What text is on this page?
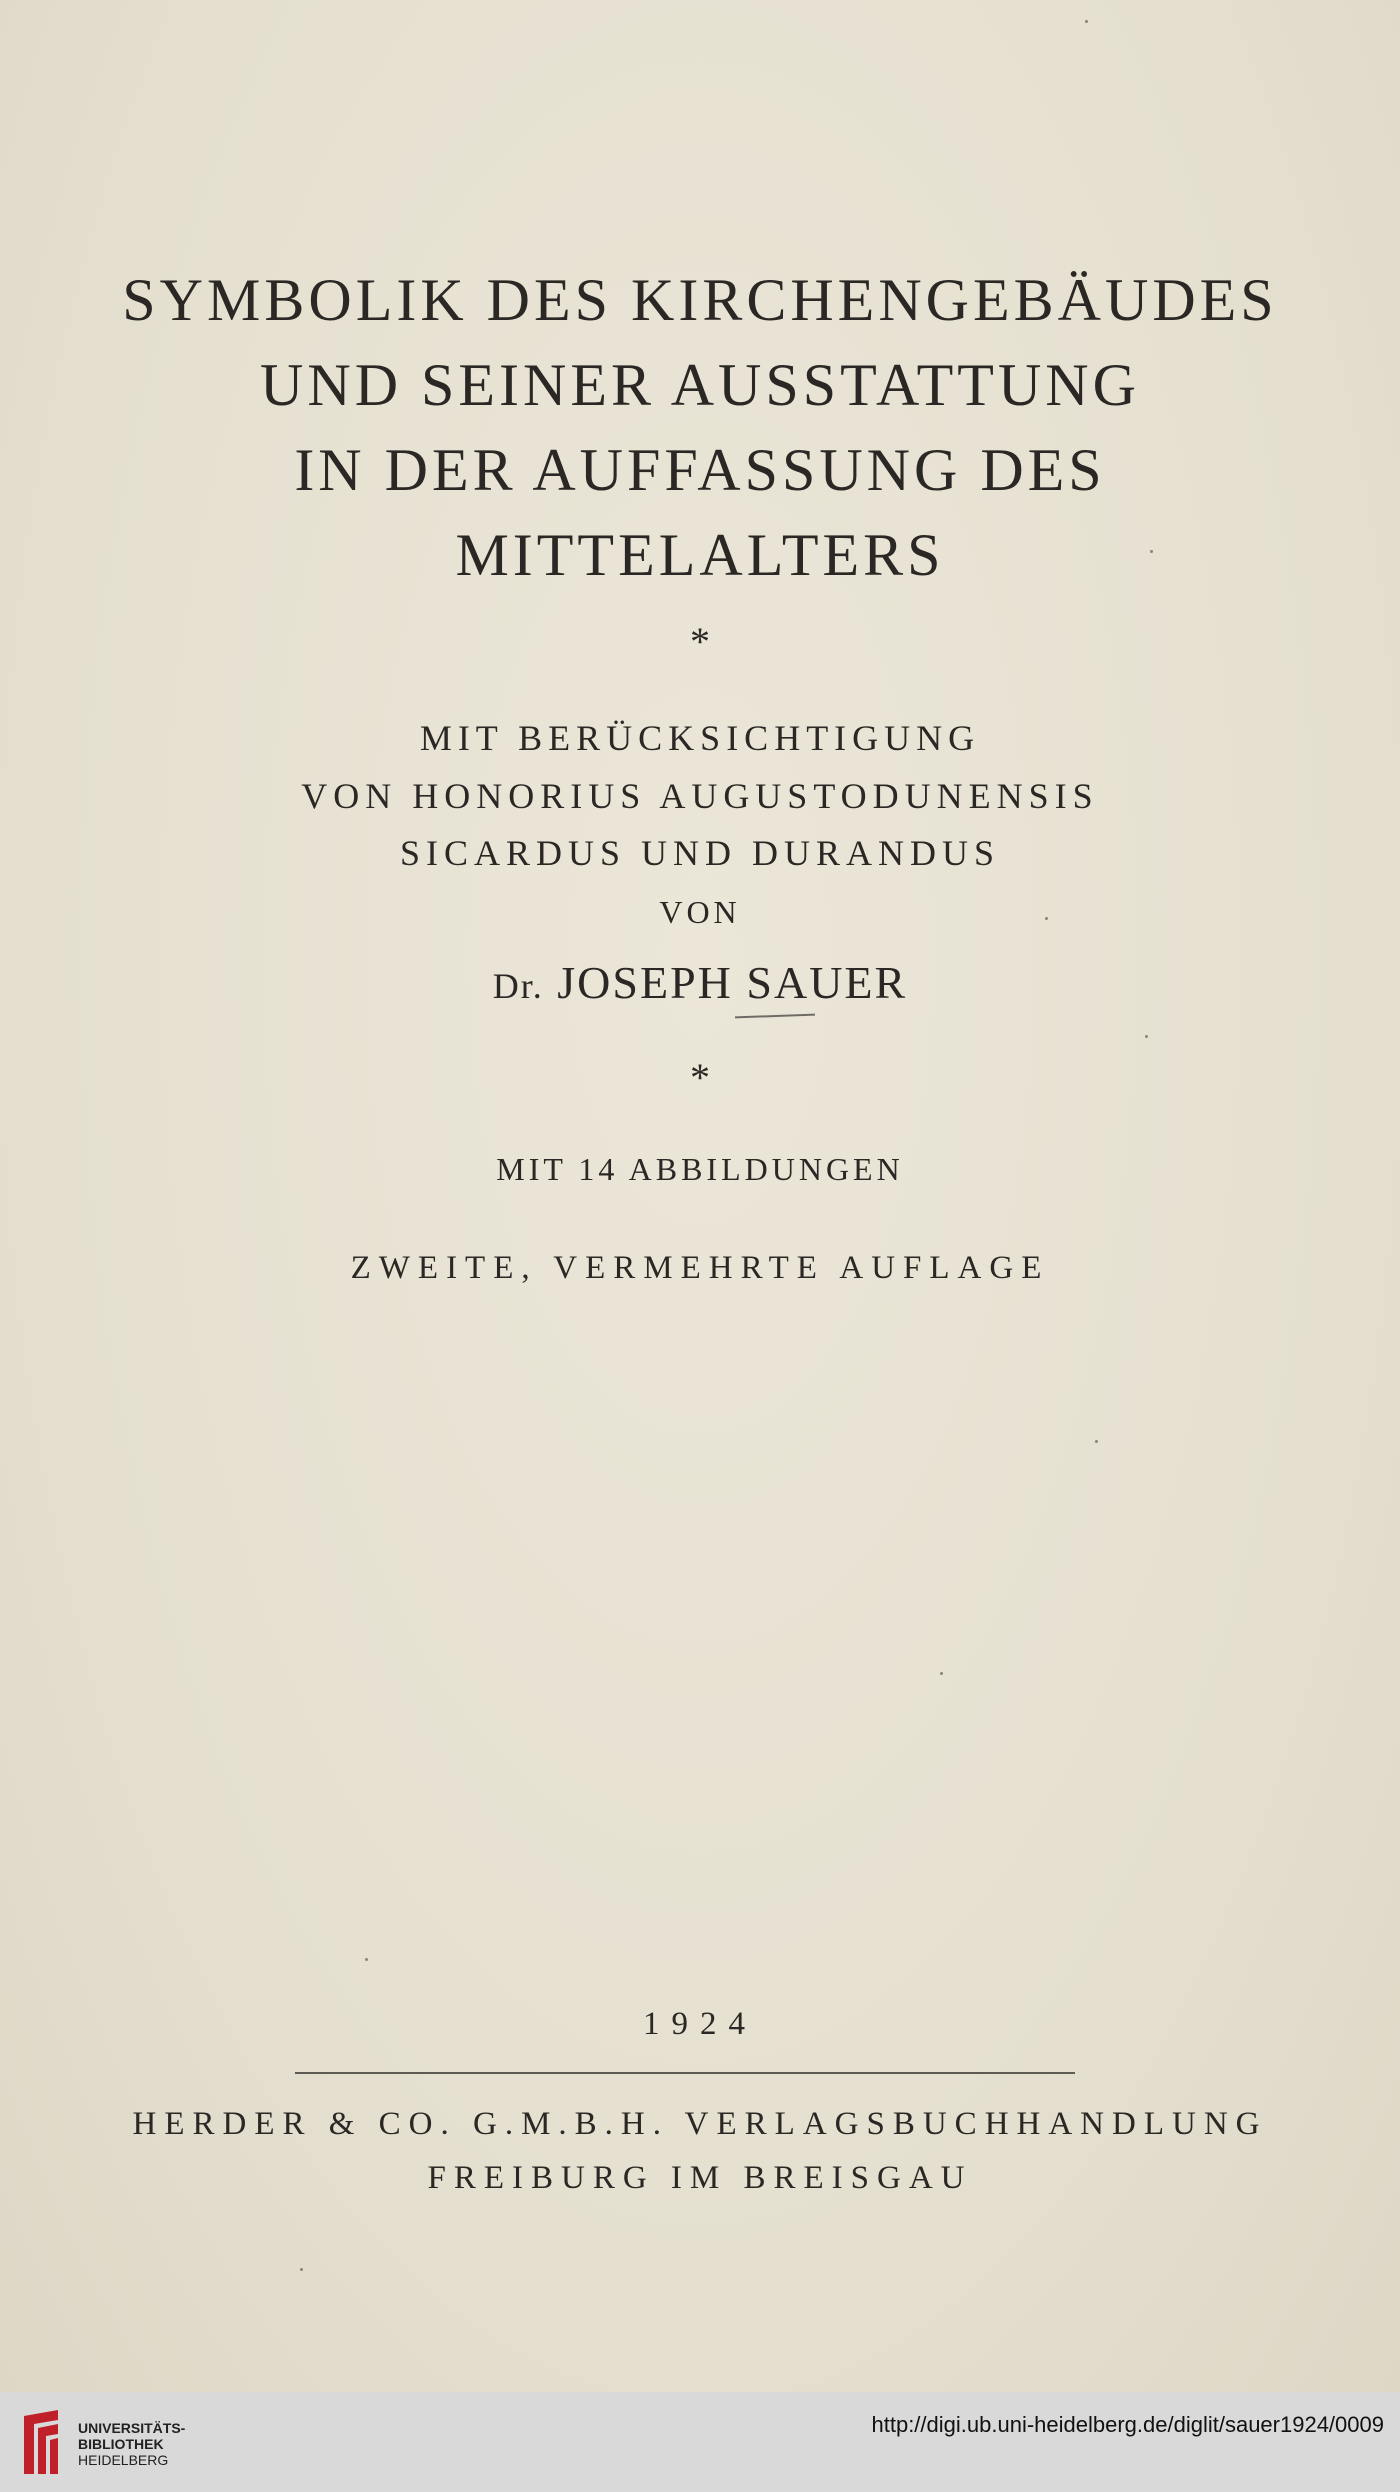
SYMBOLIK DES KIRCHENGEBÄUDES
UND SEINER AUSSTATTUNG
IN DER AUFFASSUNG DES
MITTELALTERS
*
MIT BERÜCKSICHTIGUNG
VON HONORIUS AUGUSTODUNENSIS
SICARDUS UND DURANDUS
VON
Dr. JOSEPH SAUER
*
MIT 14 ABBILDUNGEN
ZWEITE, VERMEHRTE AUFLAGE
1924
HERDER & CO. G.M.B.H. VERLAGSBUCHHANDLUNG
FREIBURG IM BREISGAU
UNIVERSITÄTS-
BIBLIOTHEK
HEIDELBERG
http://digi.ub.uni-heidelberg.de/diglit/sauer1924/0009
